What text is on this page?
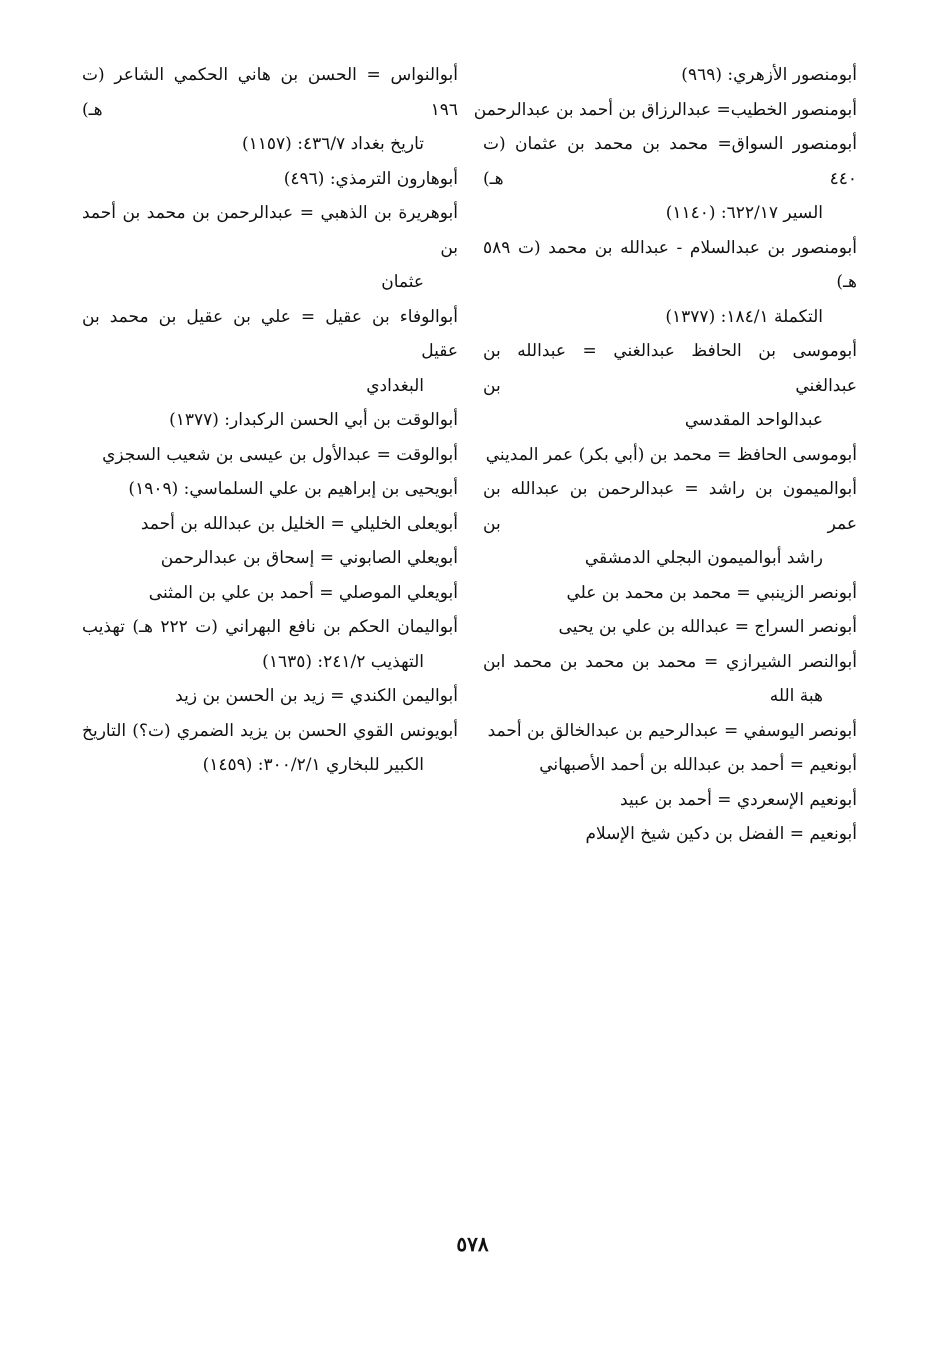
أبومنصور الأزهري: (٩٦٩)
أبومنصور الخطيب= عبدالرزاق بن أحمد بن عبدالرحمن
أبومنصور السواق= محمد بن محمد بن عثمان (ت ٤٤٠ هـ)
السير ٦٢٢/١٧: (١١٤٠)
أبومنصور بن عبدالسلام - عبدالله بن محمد (ت ٥٨٩ هـ)
التكملة ١٨٤/١: (١٣٧٧)
أبوموسى بن الحافظ عبدالغني = عبدالله بن عبدالغني بن
عبدالواحد المقدسي
أبوموسى الحافظ = محمد بن (أبي بكر) عمر المديني
أبوالميمون بن راشد = عبدالرحمن بن عبدالله بن عمر بن
راشد أبوالميمون البجلي الدمشقي
أبونصر الزينبي = محمد بن محمد بن علي
أبونصر السراج = عبدالله بن علي بن يحيى
أبوالنصر الشيرازي = محمد بن محمد بن محمد ابن
هبة الله
أبونصر اليوسفي = عبدالرحيم بن عبدالخالق بن أحمد
أبونعيم = أحمد بن عبدالله بن أحمد الأصبهاني
أبونعيم الإسعردي = أحمد بن عبيد
أبونعيم = الفضل بن دكين شيخ الإسلام
أبوالنواس = الحسن بن هاني الحكمي الشاعر (ت ١٩٦ هـ)
تاريخ بغداد ٤٣٦/٧: (١١٥٧)
أبوهارون الترمذي: (٤٩٦)
أبوهريرة بن الذهبي = عبدالرحمن بن محمد بن أحمد بن
عثمان
أبوالوفاء بن عقيل = علي بن عقيل بن محمد بن عقيل
البغدادي
أبوالوقت بن أبي الحسن الركبدار: (١٣٧٧)
أبوالوقت = عبدالأول بن عيسى بن شعيب السجزي
أبويحيى بن إبراهيم بن علي السلماسي: (١٩٠٩)
أبويعلى الخليلي = الخليل بن عبدالله بن أحمد
أبويعلي الصابوني = إسحاق بن عبدالرحمن
أبويعلي الموصلي = أحمد بن علي بن المثنى
أبواليمان الحكم بن نافع البهراني (ت ٢٢٢ هـ) تهذيب
التهذيب ٢٤١/٢: (١٦٣٥)
أبواليمن الكندي = زيد بن الحسن بن زيد
أبويونس القوي الحسن بن يزيد الضمري (ت؟) التاريخ
الكبير للبخاري ٣٠٠/٢/١: (١٤٥٩)
٥٧٨
